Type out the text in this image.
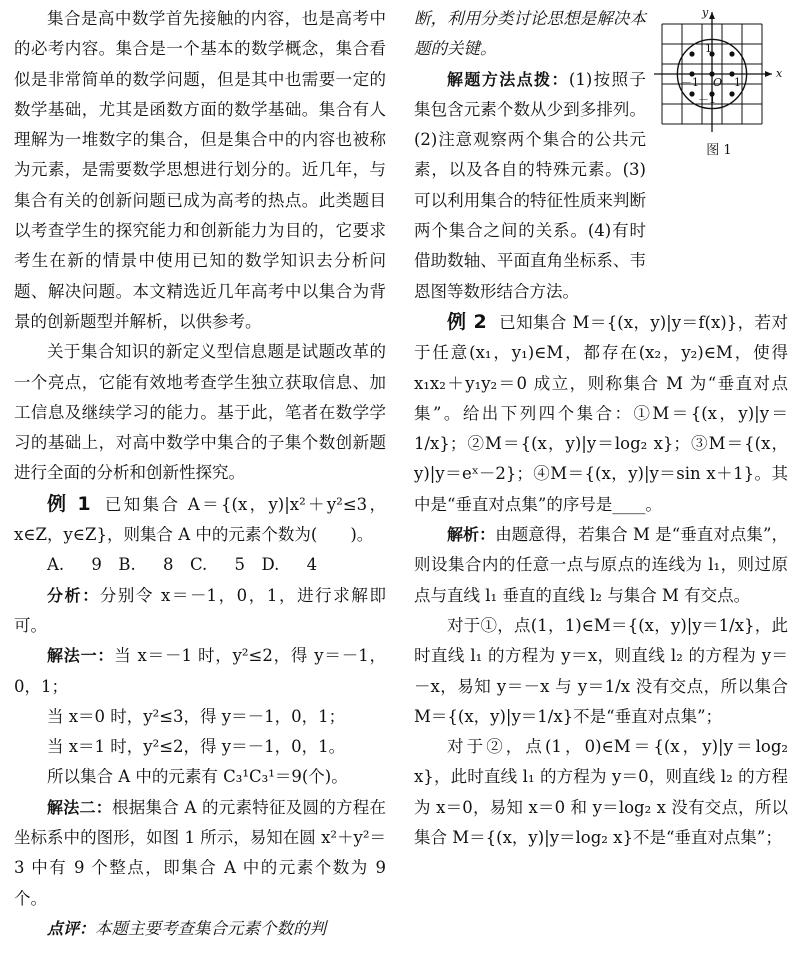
集合是高中数学首先接触的内容，也是高考中的必考内容。集合是一个基本的数学概念，集合看似是非常简单的数学问题，但是其中也需要一定的数学基础，尤其是函数方面的数学基础。集合有人理解为一堆数字的集合，但是集合中的内容也被称为元素，是需要数学思想进行划分的。近几年，与集合有关的创新问题已成为高考的热点。此类题目以考查学生的探究能力和创新能力为目的，它要求考生在新的情景中使用已知的数学知识去分析问题、解决问题。本文精选近几年高考中以集合为背景的创新题型并解析，以供参考。

关于集合知识的新定义型信息题是试题改革的一个亮点，它能有效地考查学生独立获取信息、加工信息及继续学习的能力。基于此，笔者在数学学习的基础上，对高中数学中集合的子集个数创新题进行全面的分析和创新性探究。

例 1 已知集合 A＝{(x，y)|x²＋y²≤3，x∈Z，y∈Z}，则集合 A 中的元素个数为(　　)。

A. 9　B. 8　C. 5　D. 4

分析：分别令 x＝－1，0，1，进行求解即可。

解法一：当 x＝－1 时，y²≤2，得 y＝－1，0，1；

当 x＝0 时，y²≤3，得 y＝－1，0，1；

当 x＝1 时，y²≤2，得 y＝－1，0，1。

所以集合 A 中的元素有 C₃¹C₃¹＝9(个)。

解法二：根据集合 A 的元素特征及圆的方程在坐标系中的图形，如图 1 所示，易知在圆 x²＋y²＝3 中有 9 个整点，即集合 A 中的元素个数为 9 个。

点评：本题主要考查集合元素个数的判

断，利用分类讨论思想是解决本题的关键。

解题方法点拨：(1)按照子集包含元素个数从少到多排列。(2)注意观察两个集合的公共元素，以及各自的特殊元素。(3)可以利用集合的特征性质来判断两个集合之间的关系。(4)有时借助数轴、平面直角坐标系、韦恩图等数形结合方法。

x
y
O 1
－1
1
－1
图 1

例 2 已知集合 M＝{(x，y)|y＝f(x)}，若对于任意(x₁，y₁)∈M，都存在(x₂，y₂)∈M，使得 x₁x₂＋y₁y₂＝0 成立，则称集合 M 为“垂直对点集”。给出下列四个集合：①M＝{(x，y)|y＝1/x}；②M＝{(x，y)|y＝log₂ x}；③M＝{(x，y)|y＝eˣ－2}；④M＝{(x，y)|y＝sin x＋1}。其中是“垂直对点集”的序号是____。

解析：由题意得，若集合 M 是“垂直对点集”，则设集合内的任意一点与原点的连线为 l₁，则过原点与直线 l₁ 垂直的直线 l₂ 与集合 M 有交点。

对于①，点(1，1)∈M＝{(x，y)|y＝1/x}，此时直线 l₁ 的方程为 y＝x，则直线 l₂ 的方程为 y＝－x，易知 y＝－x 与 y＝1/x 没有交点，所以集合 M＝{(x，y)|y＝1/x}不是“垂直对点集”；

对于②，点(1，0)∈M＝{(x，y)|y＝log₂ x}，此时直线 l₁ 的方程为 y＝0，则直线 l₂ 的方程为 x＝0，易知 x＝0 和 y＝log₂ x 没有交点，所以集合 M＝{(x，y)|y＝log₂ x}不是“垂直对点集”；
